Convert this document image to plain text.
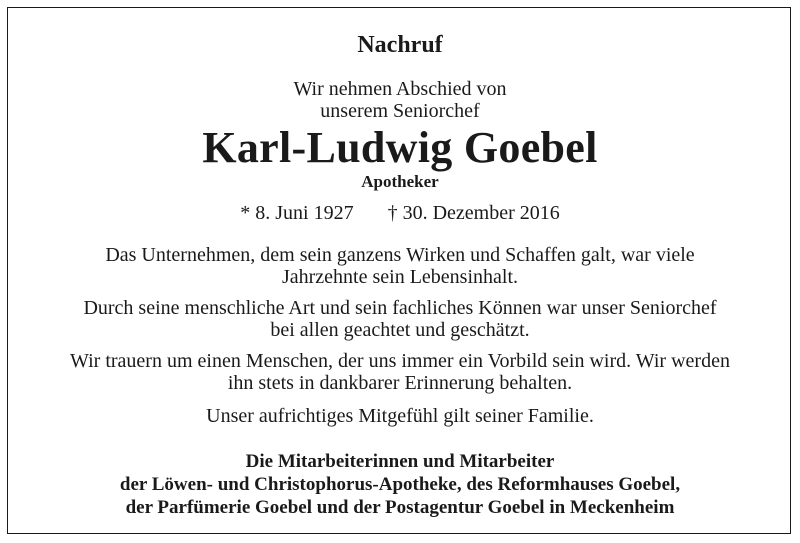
Nachruf
Wir nehmen Abschied von
unserem Seniorchef
Karl-Ludwig Goebel
Apotheker
* 8. Juni 1927 † 30. Dezember 2016
Das Unternehmen, dem sein ganzens Wirken und Schaffen galt, war viele
Jahrzehnte sein Lebensinhalt.
Durch seine menschliche Art und sein fachliches Können war unser Seniorchef
bei allen geachtet und geschätzt.
Wir trauern um einen Menschen, der uns immer ein Vorbild sein wird. Wir werden
ihn stets in dankbarer Erinnerung behalten.
Unser aufrichtiges Mitgefühl gilt seiner Familie.
Die Mitarbeiterinnen und Mitarbeiter
der Löwen- und Christophorus-Apotheke, des Reformhauses Goebel,
der Parfümerie Goebel und der Postagentur Goebel in Meckenheim
